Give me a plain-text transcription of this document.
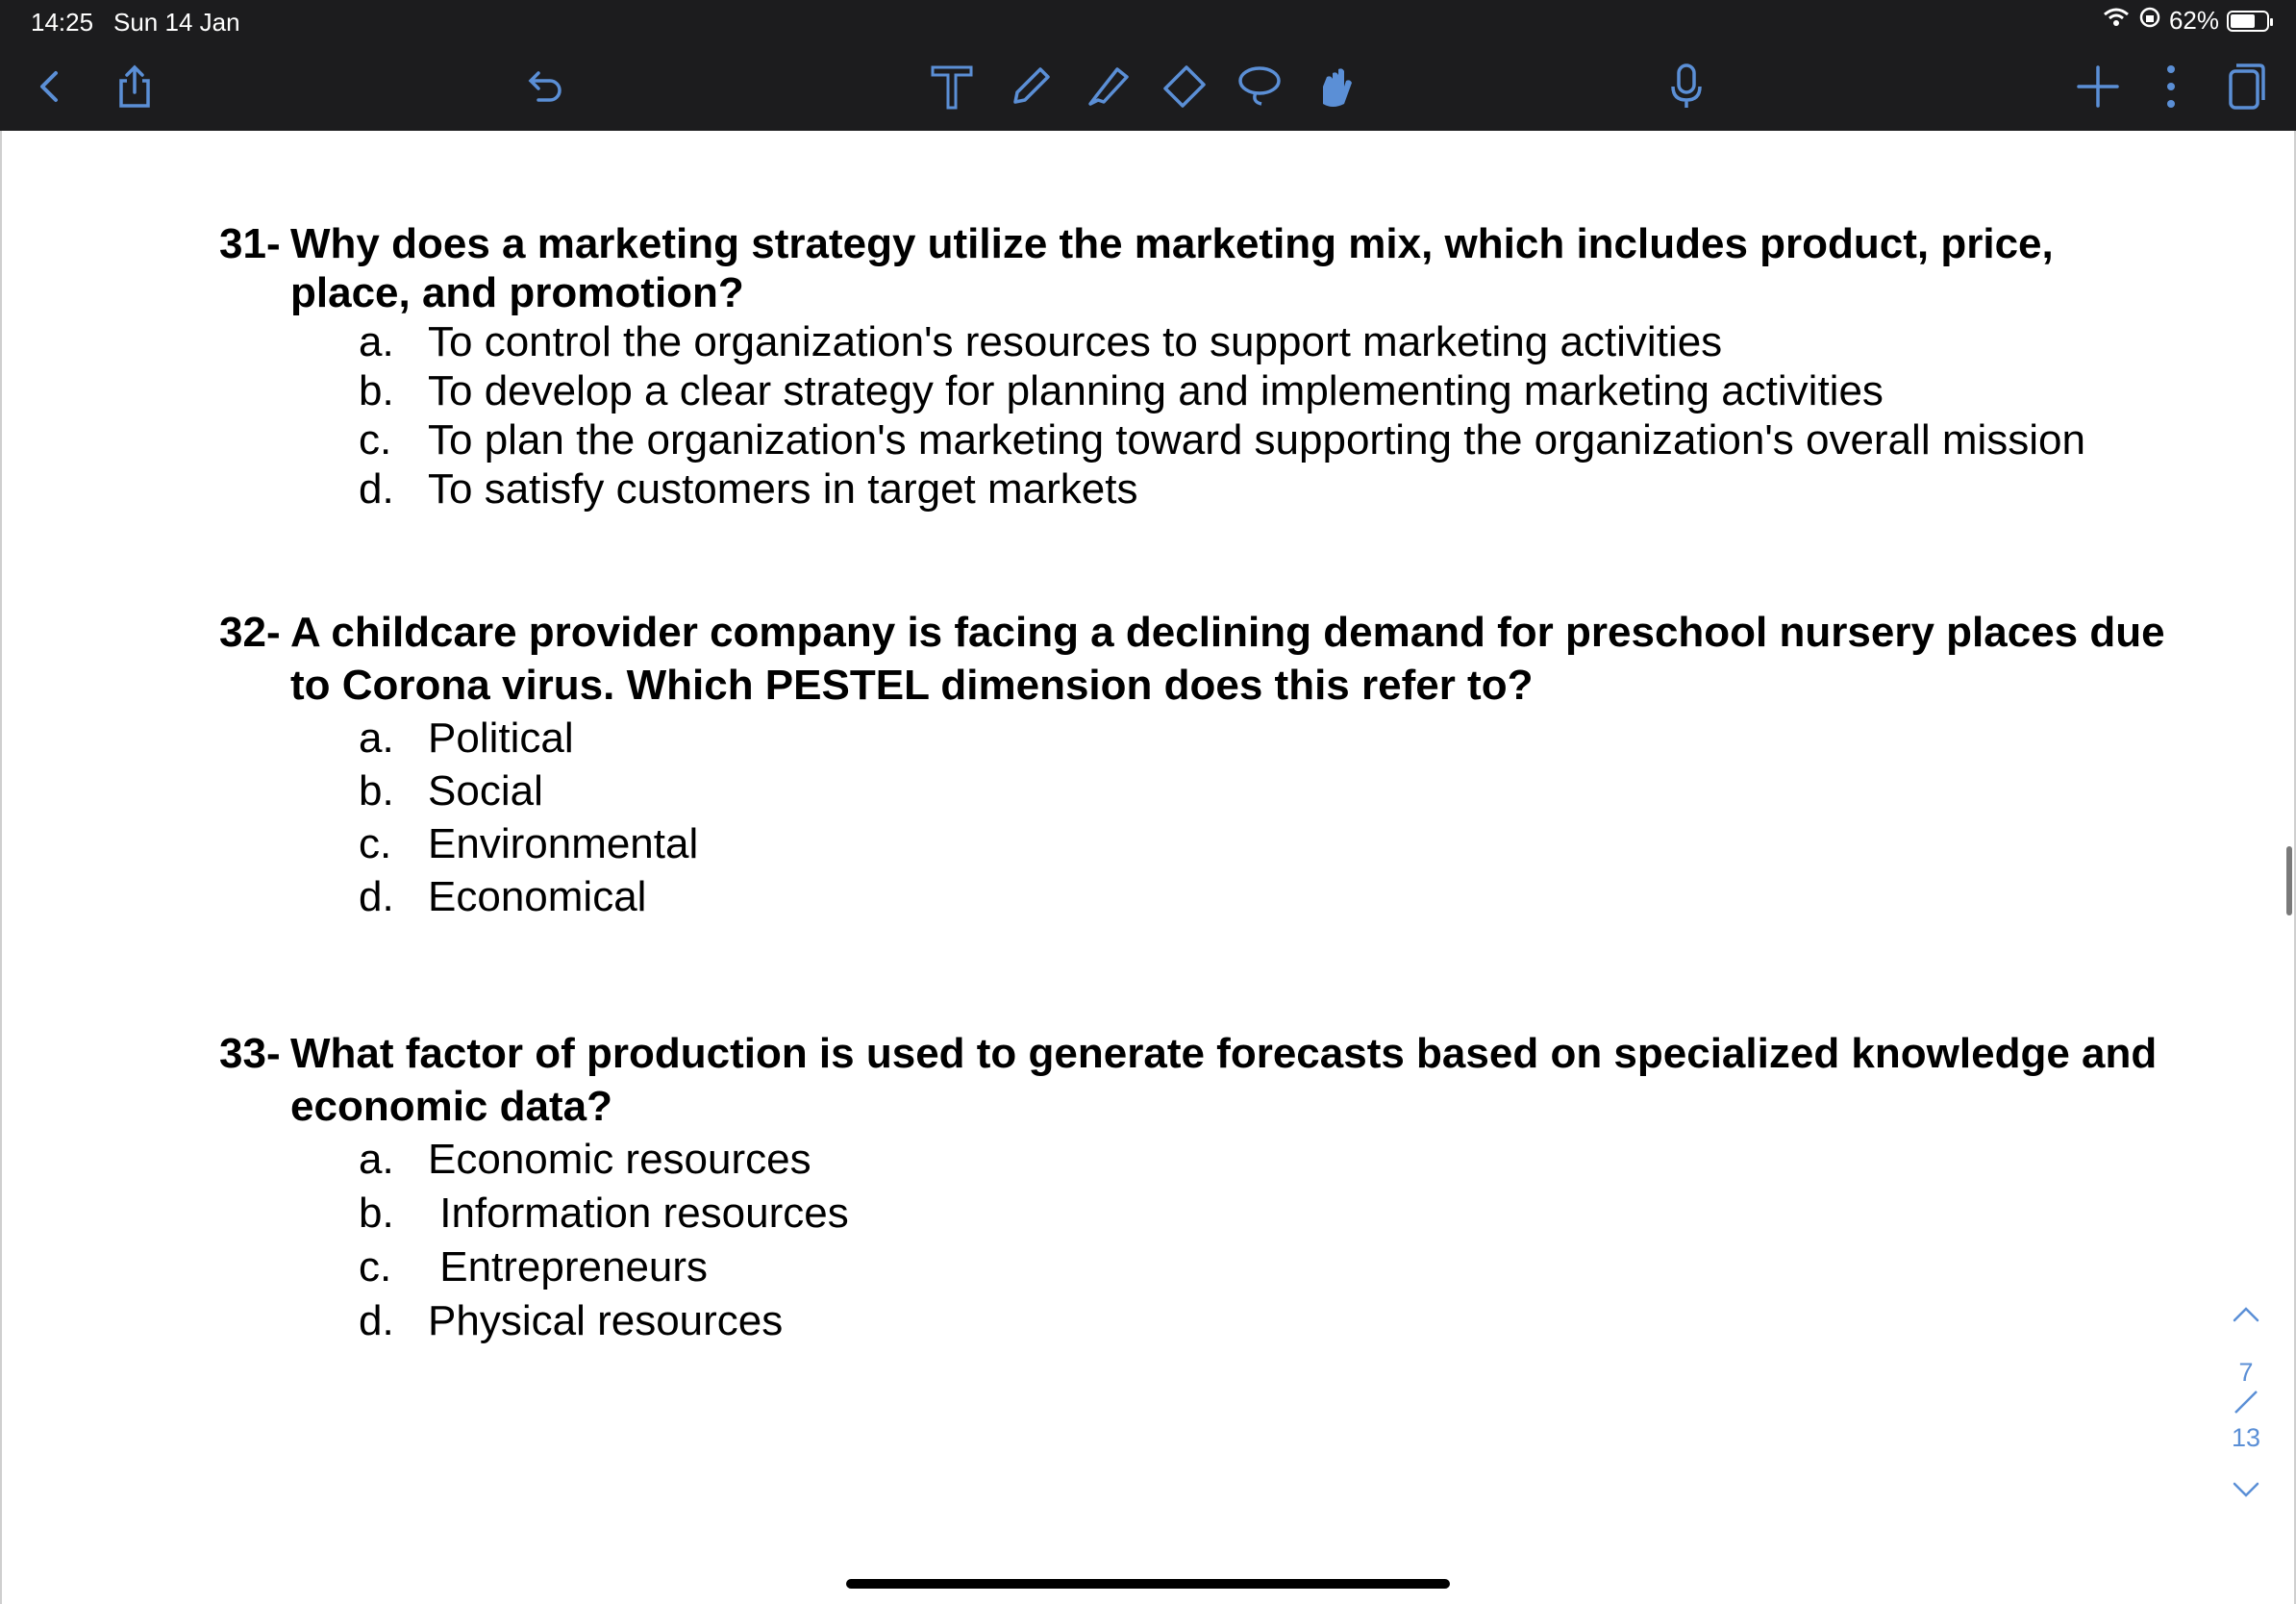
14:25 Sun 14 Jan	62%
31- Why does a marketing strategy utilize the marketing mix, which includes product, price, place, and promotion?
a. To control the organization's resources to support marketing activities
b. To develop a clear strategy for planning and implementing marketing activities
c. To plan the organization's marketing toward supporting the organization's overall mission
d. To satisfy customers in target markets
32- A childcare provider company is facing a declining demand for preschool nursery places due to Corona virus. Which PESTEL dimension does this refer to?
a. Political
b. Social
c. Environmental
d. Economical
33- What factor of production is used to generate forecasts based on specialized knowledge and economic data?
a. Economic resources
b. Information resources
c. Entrepreneurs
d. Physical resources
7
13
